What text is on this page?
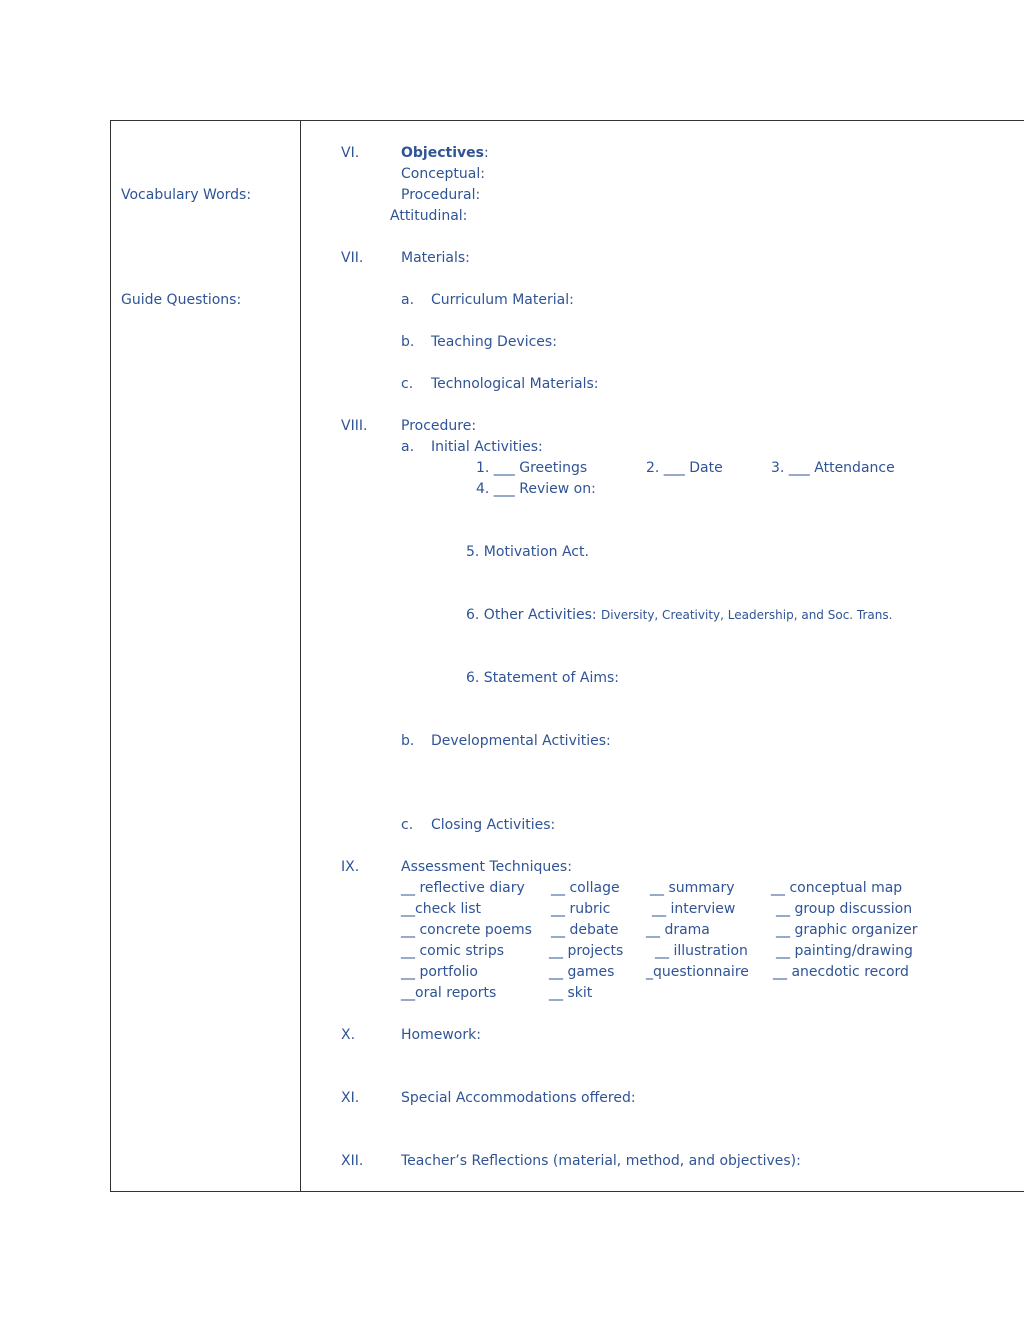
Vocabulary Words:
Guide Questions:
VI.	Objectives:
Conceptual:
Procedural:
Attitudinal:
VII.	Materials:
a. Curriculum Material:
b. Teaching Devices:
c. Technological Materials:
VIII. Procedure:
a. Initial Activities:
1. ___ Greetings	2. ___ Date	3. ___ Attendance
4. ___ Review on:
5. Motivation Act.
6. Other Activities: Diversity, Creativity, Leadership, and Soc. Trans.
6. Statement of Aims:
b. Developmental Activities:
c. Closing Activities:
IX.	Assessment Techniques:
__ reflective diary __ collage __ summary	__ conceptual map
__check list	__ rubric	__ interview	__ group discussion
__ concrete poems __ debate __ drama	__ graphic organizer
__ comic strips	__ projects __ illustration __ painting/drawing
__ portfolio	__ games _questionnaire __ anecdotic record
__oral reports	__ skit
X.	Homework:
XI.	Special Accommodations offered:
XII.	Teacher’s Reflections (material, method, and objectives):
